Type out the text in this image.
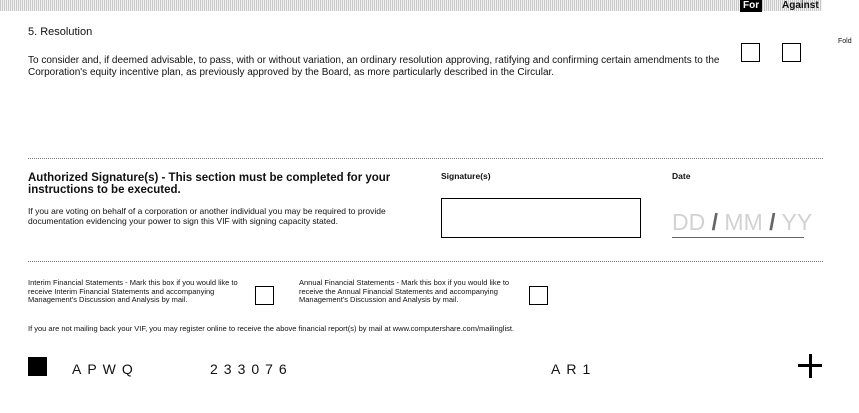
For	Against
Fold
5. Resolution
To consider and, if deemed advisable, to pass, with or without variation, an ordinary resolution approving, ratifying and confirming certain amendments to the Corporation's equity incentive plan, as previously approved by the Board, as more particularly described in the Circular.
Authorized Signature(s) - This section must be completed for your instructions to be executed.
If you are voting on behalf of a corporation or another individual you may be required to provide documentation evidencing your power to sign this VIF with signing capacity stated.
Signature(s)	Date
DD / MM / YY
Interim Financial Statements - Mark this box if you would like to receive Interim Financial Statements and accompanying Management's Discussion and Analysis by mail.
Annual Financial Statements - Mark this box if you would like to receive the Annual Financial Statements and accompanying Management's Discussion and Analysis by mail.
If you are not mailing back your VIF, you may register online to receive the above financial report(s) by mail at www.computershare.com/mailinglist.
APWQ	233076	AR1
